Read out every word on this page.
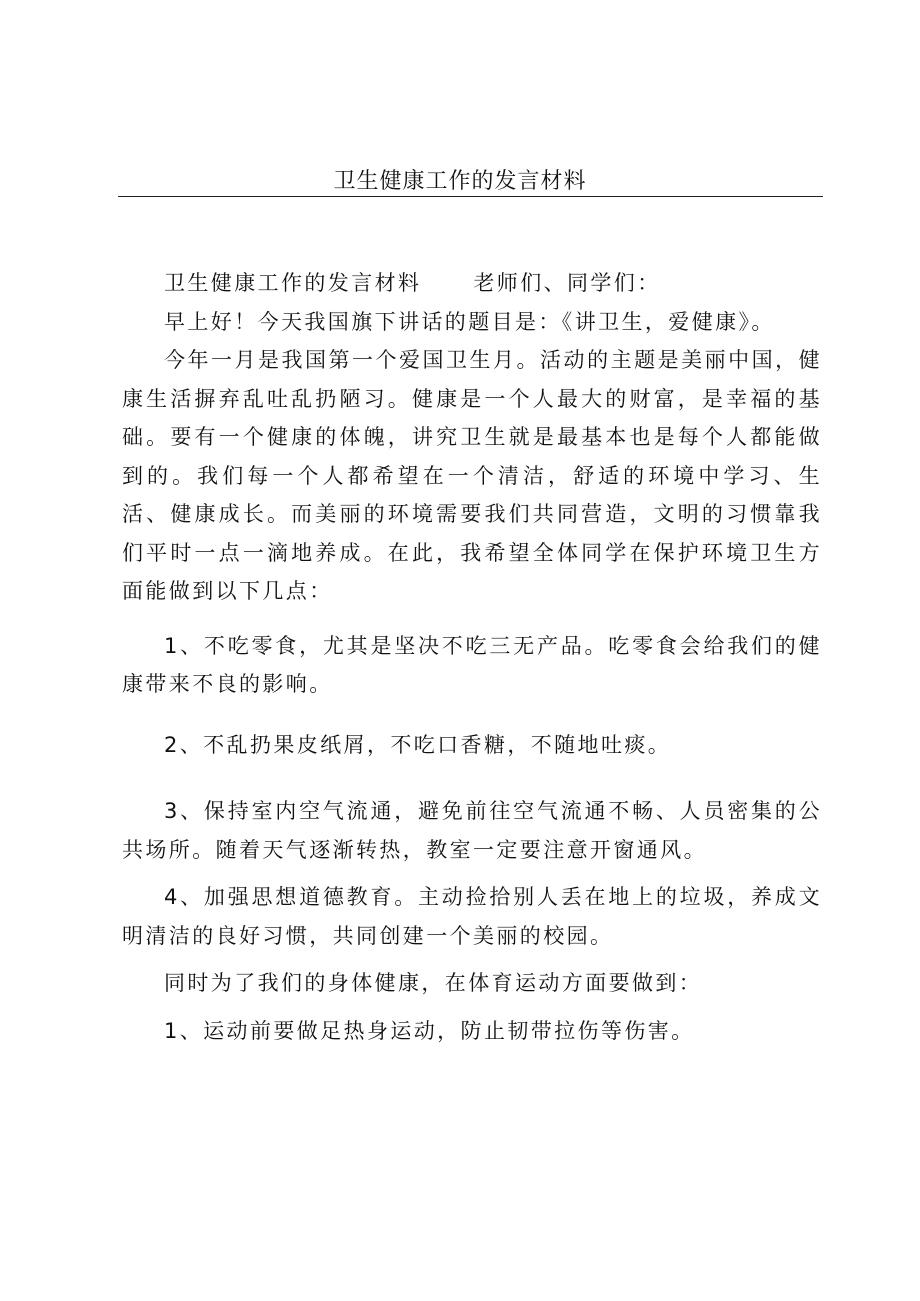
卫生健康工作的发言材料

卫生健康工作的发言材料 老师们、同学们：

早上好！今天我国旗下讲话的题目是：《讲卫生，爱健康》。

今年一月是我国第一个爱国卫生月。活动的主题是美丽中国，健康生活摒弃乱吐乱扔陋习。健康是一个人最大的财富，是幸福的基础。要有一个健康的体魄，讲究卫生就是最基本也是每个人都能做到的。我们每一个人都希望在一个清洁，舒适的环境中学习、生活、健康成长。而美丽的环境需要我们共同营造，文明的习惯靠我们平时一点一滴地养成。在此，我希望全体同学在保护环境卫生方面能做到以下几点：

1、不吃零食，尤其是坚决不吃三无产品。吃零食会给我们的健康带来不良的影响。

2、不乱扔果皮纸屑，不吃口香糖，不随地吐痰。

3、保持室内空气流通，避免前往空气流通不畅、人员密集的公共场所。随着天气逐渐转热，教室一定要注意开窗通风。

4、加强思想道德教育。主动捡拾别人丢在地上的垃圾，养成文明清洁的良好习惯，共同创建一个美丽的校园。

同时为了我们的身体健康，在体育运动方面要做到：

1、运动前要做足热身运动，防止韧带拉伤等伤害。
